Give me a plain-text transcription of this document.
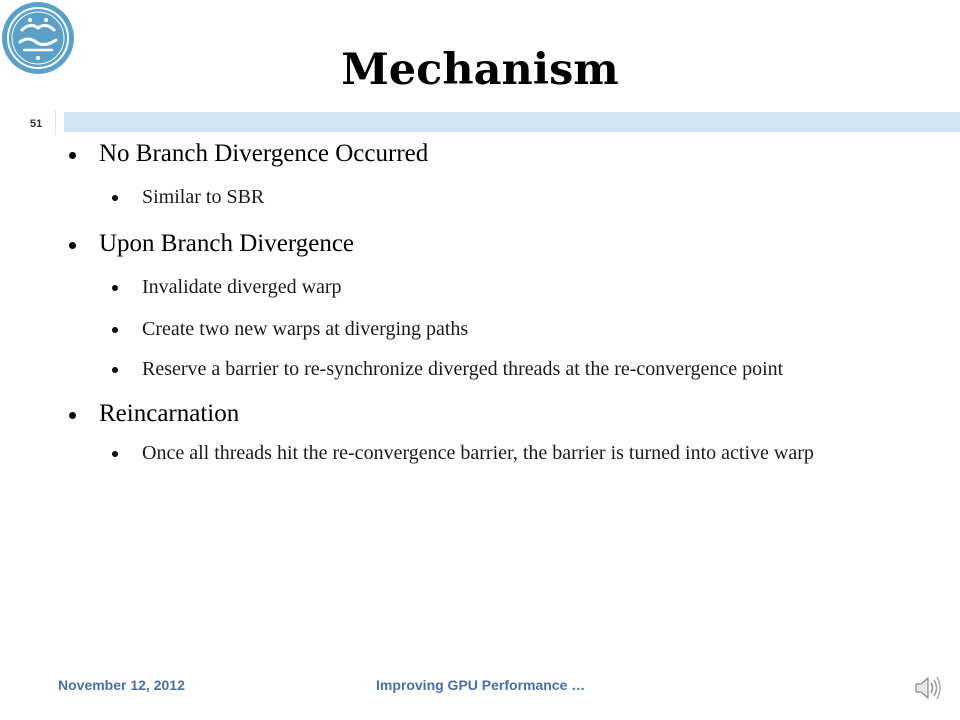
Mechanism
51
No Branch Divergence Occurred
Similar to SBR
Upon Branch Divergence
Invalidate diverged warp
Create two new warps at diverging paths
Reserve a barrier to re-synchronize diverged threads at the re-convergence point
Reincarnation
Once all threads hit the re-convergence barrier, the barrier is turned into active warp
November 12, 2012	Improving GPU Performance …
